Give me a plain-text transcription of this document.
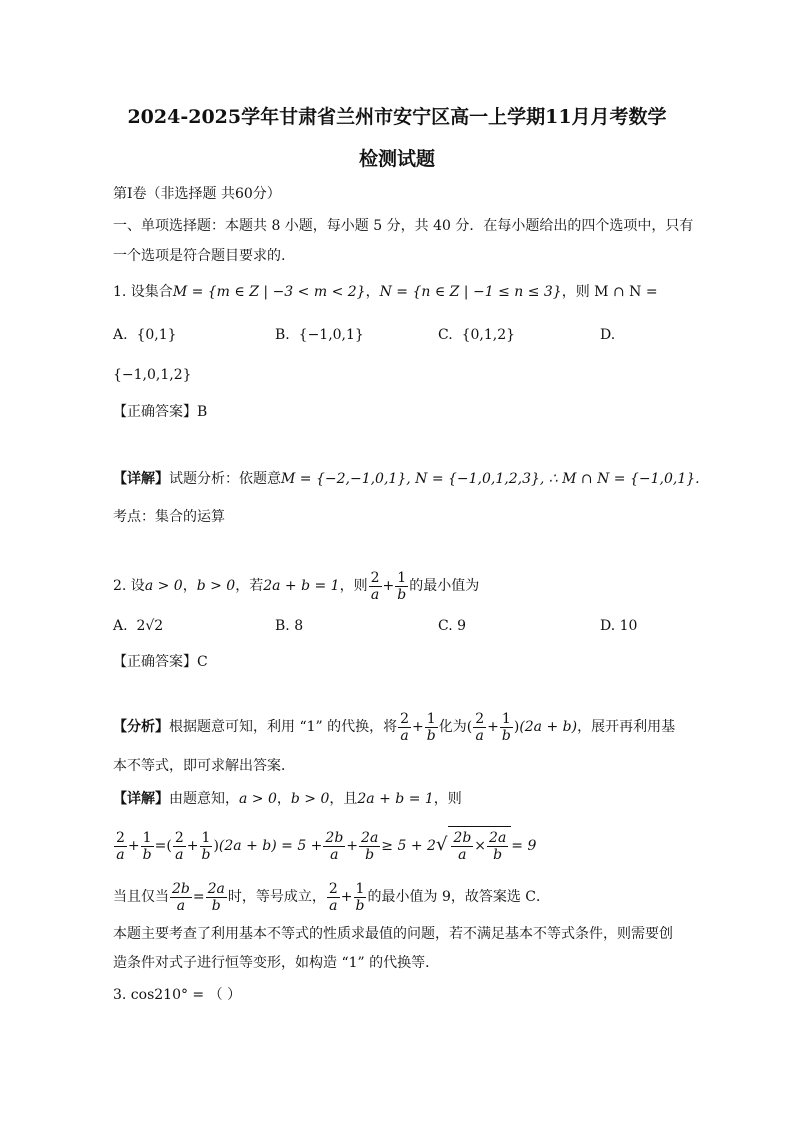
2024-2025学年甘肃省兰州市安宁区高一上学期11月月考数学
检测试题
第I卷（非选择题 共60分）
一、单项选择题：本题共 8 小题，每小题 5 分，共 40 分．在每小题给出的四个选项中，只有
一个选项是符合题目要求的.
1. 设集合M = {m ∈ Z | −3 < m < 2}，N = {n ∈ Z | −1 ≤ n ≤ 3}，则 M ∩ N =
A. {0,1}	B. {−1,0,1}	C. {0,1,2}	D.
{−1,0,1,2}
【正确答案】B
【详解】试题分析：依题意M = {−2,−1,0,1}, N = {−1,0,1,2,3}, ∴ M ∩ N = {−1,0,1}.
考点：集合的运算
2. 设a > 0，b > 0，若2a + b = 1，则 $\frac{2}{a} + \frac{1}{b}$ 的最小值为
A. 2√2	B. 8	C. 9	D. 10
【正确答案】C
【分析】根据题意可知，利用 “1” 的代换，将 $\frac{2}{a} + \frac{1}{b}$ 化为( $\frac{2}{a} + \frac{1}{b} )(2a + b)$，展开再利用基
本不等式，即可求解出答案．
【详解】由题意知，a > 0，b > 0，且2a + b = 1，则
$\frac{2}{a} + \frac{1}{b}$ =( $\frac{2}{a} + \frac{1}{b} )(2a + b) = 5 + \frac{2b}{a} + \frac{2a}{b} \ge 5 + 2√ \frac{2b}{a} \times \frac{2a}{b} = 9$
当且仅当 $\frac{2b}{a} = \frac{2a}{b}$ 时，等号成立， $\frac{2}{a} + \frac{1}{b}$ 的最小值为 9，故答案选 C．
本题主要考查了利用基本不等式的性质求最值的问题，若不满足基本不等式条件，则需要创
造条件对式子进行恒等变形，如构造 “1” 的代换等．
3. cos210° = （ ）
